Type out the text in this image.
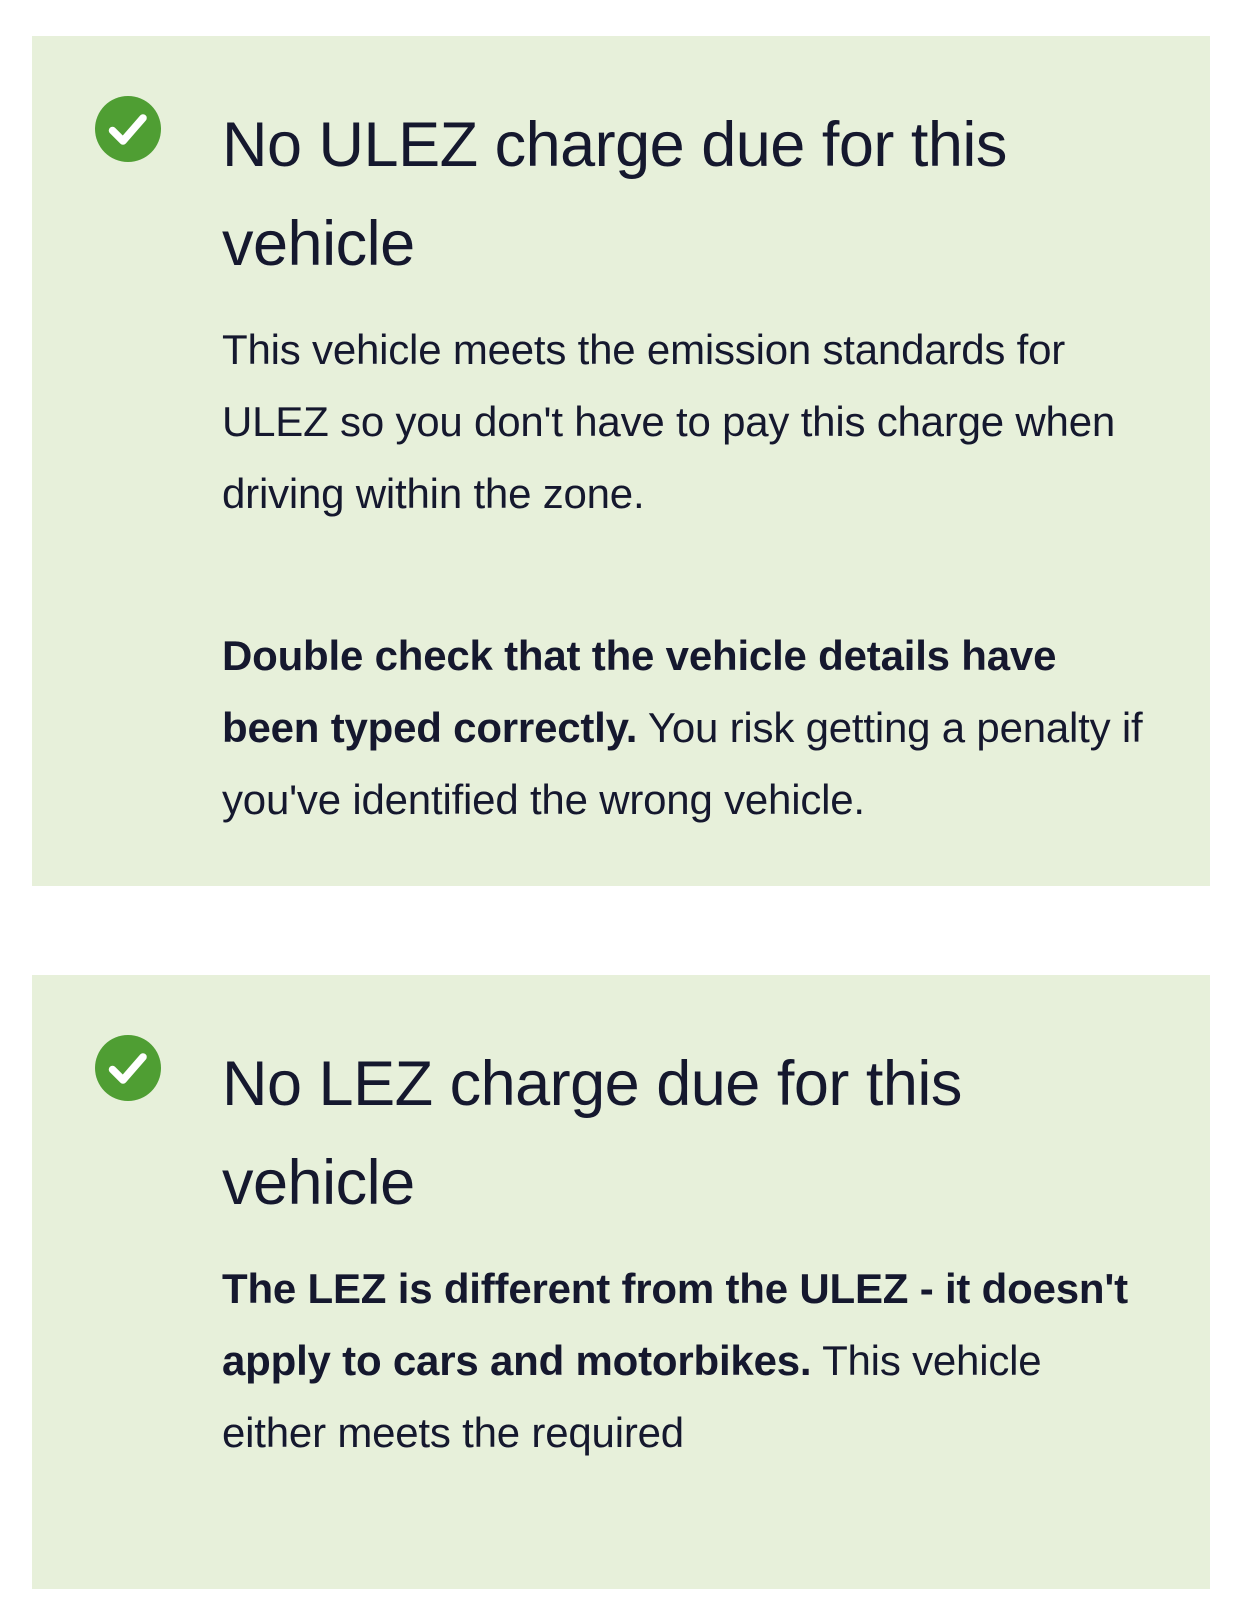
No ULEZ charge due for this vehicle

This vehicle meets the emission standards for ULEZ so you don't have to pay this charge when driving within the zone.

Double check that the vehicle details have been typed correctly. You risk getting a penalty if you've identified the wrong vehicle.

No LEZ charge due for this vehicle

The LEZ is different from the ULEZ - it doesn't apply to cars and motorbikes. This vehicle either meets the required
